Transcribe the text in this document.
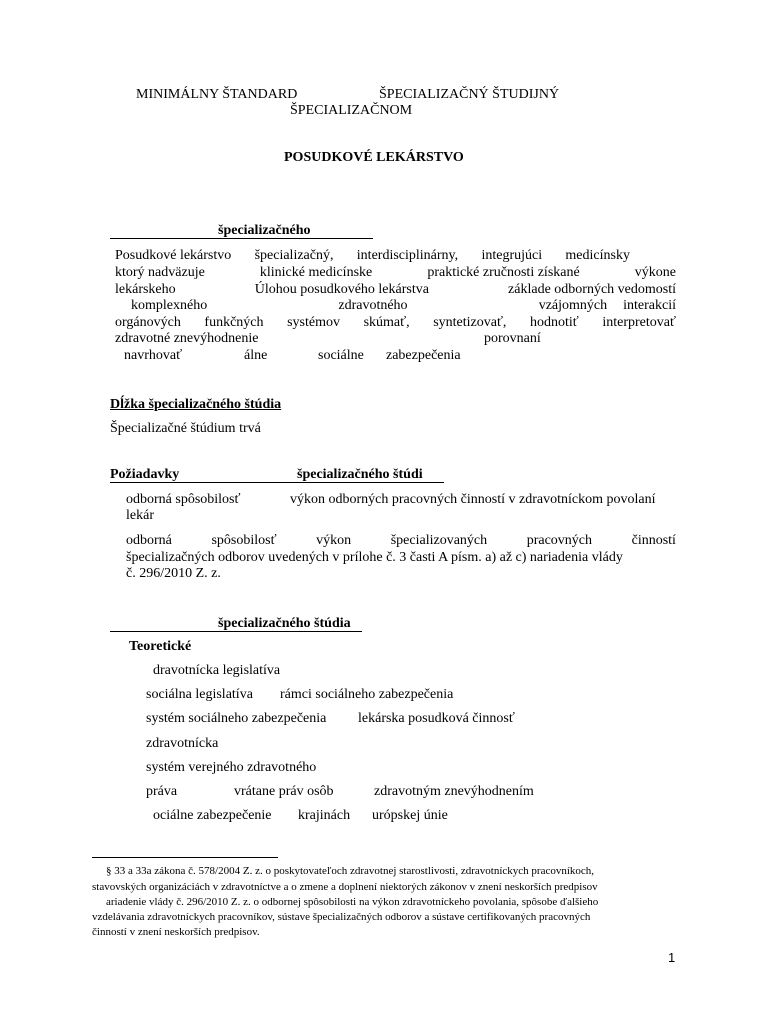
MINIMÁLNY ŠTANDARD	ŠPECIALIZAČNÝ ŠTUDIJNÝ
ŠPECIALIZAČNOM
POSUDKOVÉ LEKÁRSTVO
špecializačného
Posudkové lekárstvo špecializačný, interdisciplinárny, integrujúci medicínsky
ktorý nadväzuje	klinické medicínske	praktické zručnosti získané	výkone
lekárskeho	Úlohou posudkového lekárstva	základe odborných vedomostí
komplexného	zdravotného	vzájomných interakcií
orgánových funkčných systémov skúmať, syntetizovať, hodnotiť interpretovať
zdravotné znevýhodnenie	porovnaní
navrhovať	álne	sociálne zabezpečenia
Dĺžka špecializačného štúdia
Špecializačné štúdium trvá
Požiadavky	špecializačného štúdi
odborná spôsobilosť	výkon odborných pracovných činností v zdravotníckom povolaní
lekár
odborná	spôsobilosť	výkon	špecializovaných	pracovných	činností
špecializačných odborov uvedených v prílohe č. 3 časti A písm. a) až c) nariadenia vlády
č. 296/2010 Z. z.
špecializačného štúdia
Teoretické
dravotnícka legislatíva
sociálna legislatíva rámci sociálneho zabezpečenia
systém sociálneho zabezpečenia lekárska posudková činnosť
zdravotnícka
systém verejného zdravotného
práva	vrátane práv osôb	zdravotným znevýhodnením
ociálne zabezpečenie krajinách urópskej únie
§ 33 a 33a zákona č. 578/2004 Z. z. o poskytovateľoch zdravotnej starostlivosti, zdravotníckych pracovníkoch,
stavovských organizáciách v zdravotníctve a o zmene a doplnení niektorých zákonov v znení neskorších predpisov
ariadenie vlády č. 296/2010 Z. z. o odbornej spôsobilosti na výkon zdravotníckeho povolania, spôsobe ďalšieho
vzdelávania zdravotníckych pracovníkov, sústave špecializačných odborov a sústave certifikovaných pracovných
činností v znení neskorších predpisov.
1
